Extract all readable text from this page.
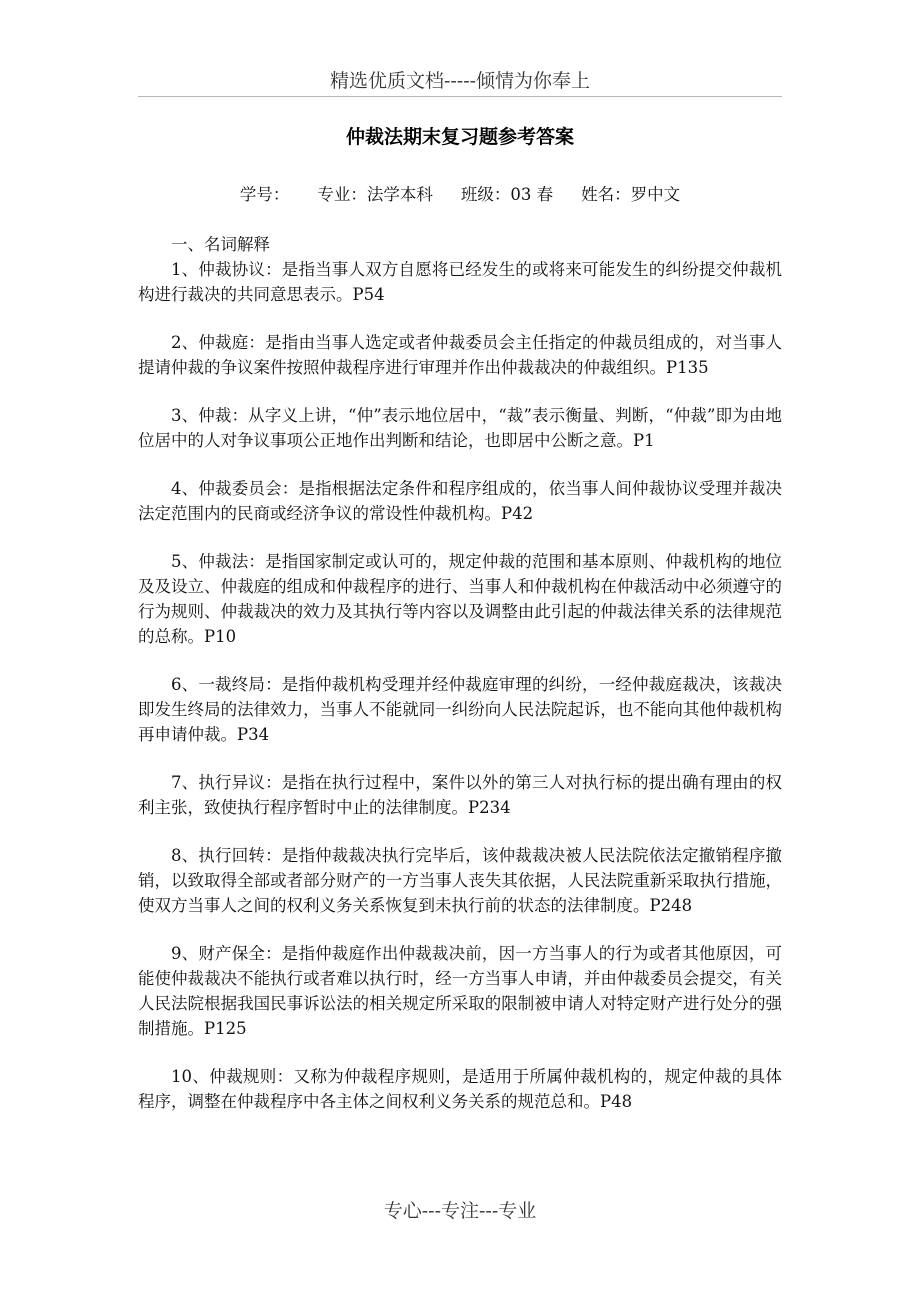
精选优质文档-----倾情为你奉上
仲裁法期末复习题参考答案
学号： 专业：法学本科 班级：03 春 姓名：罗中文

一、名词解释

1、仲裁协议：是指当事人双方自愿将已经发生的或将来可能发生的纠纷提交仲裁机构进行裁决的共同意思表示。P54

2、仲裁庭：是指由当事人选定或者仲裁委员会主任指定的仲裁员组成的，对当事人提请仲裁的争议案件按照仲裁程序进行审理并作出仲裁裁决的仲裁组织。P135

3、仲裁：从字义上讲，“仲”表示地位居中，“裁”表示衡量、判断，“仲裁”即为由地位居中的人对争议事项公正地作出判断和结论，也即居中公断之意。P1

4、仲裁委员会：是指根据法定条件和程序组成的，依当事人间仲裁协议受理并裁决法定范围内的民商或经济争议的常设性仲裁机构。P42

5、仲裁法：是指国家制定或认可的，规定仲裁的范围和基本原则、仲裁机构的地位及及设立、仲裁庭的组成和仲裁程序的进行、当事人和仲裁机构在仲裁活动中必须遵守的行为规则、仲裁裁决的效力及其执行等内容以及调整由此引起的仲裁法律关系的法律规范的总称。P10

6、一裁终局：是指仲裁机构受理并经仲裁庭审理的纠纷，一经仲裁庭裁决，该裁决即发生终局的法律效力，当事人不能就同一纠纷向人民法院起诉，也不能向其他仲裁机构再申请仲裁。P34

7、执行异议：是指在执行过程中，案件以外的第三人对执行标的提出确有理由的权利主张，致使执行程序暂时中止的法律制度。P234

8、执行回转：是指仲裁裁决执行完毕后，该仲裁裁决被人民法院依法定撤销程序撤销，以致取得全部或者部分财产的一方当事人丧失其依据，人民法院重新采取执行措施，使双方当事人之间的权利义务关系恢复到未执行前的状态的法律制度。P248

9、财产保全：是指仲裁庭作出仲裁裁决前，因一方当事人的行为或者其他原因，可能使仲裁裁决不能执行或者难以执行时，经一方当事人申请，并由仲裁委员会提交，有关人民法院根据我国民事诉讼法的相关规定所采取的限制被申请人对特定财产进行处分的强制措施。P125

10、仲裁规则：又称为仲裁程序规则，是适用于所属仲裁机构的，规定仲裁的具体程序，调整在仲裁程序中各主体之间权利义务关系的规范总和。P48

专心---专注---专业
